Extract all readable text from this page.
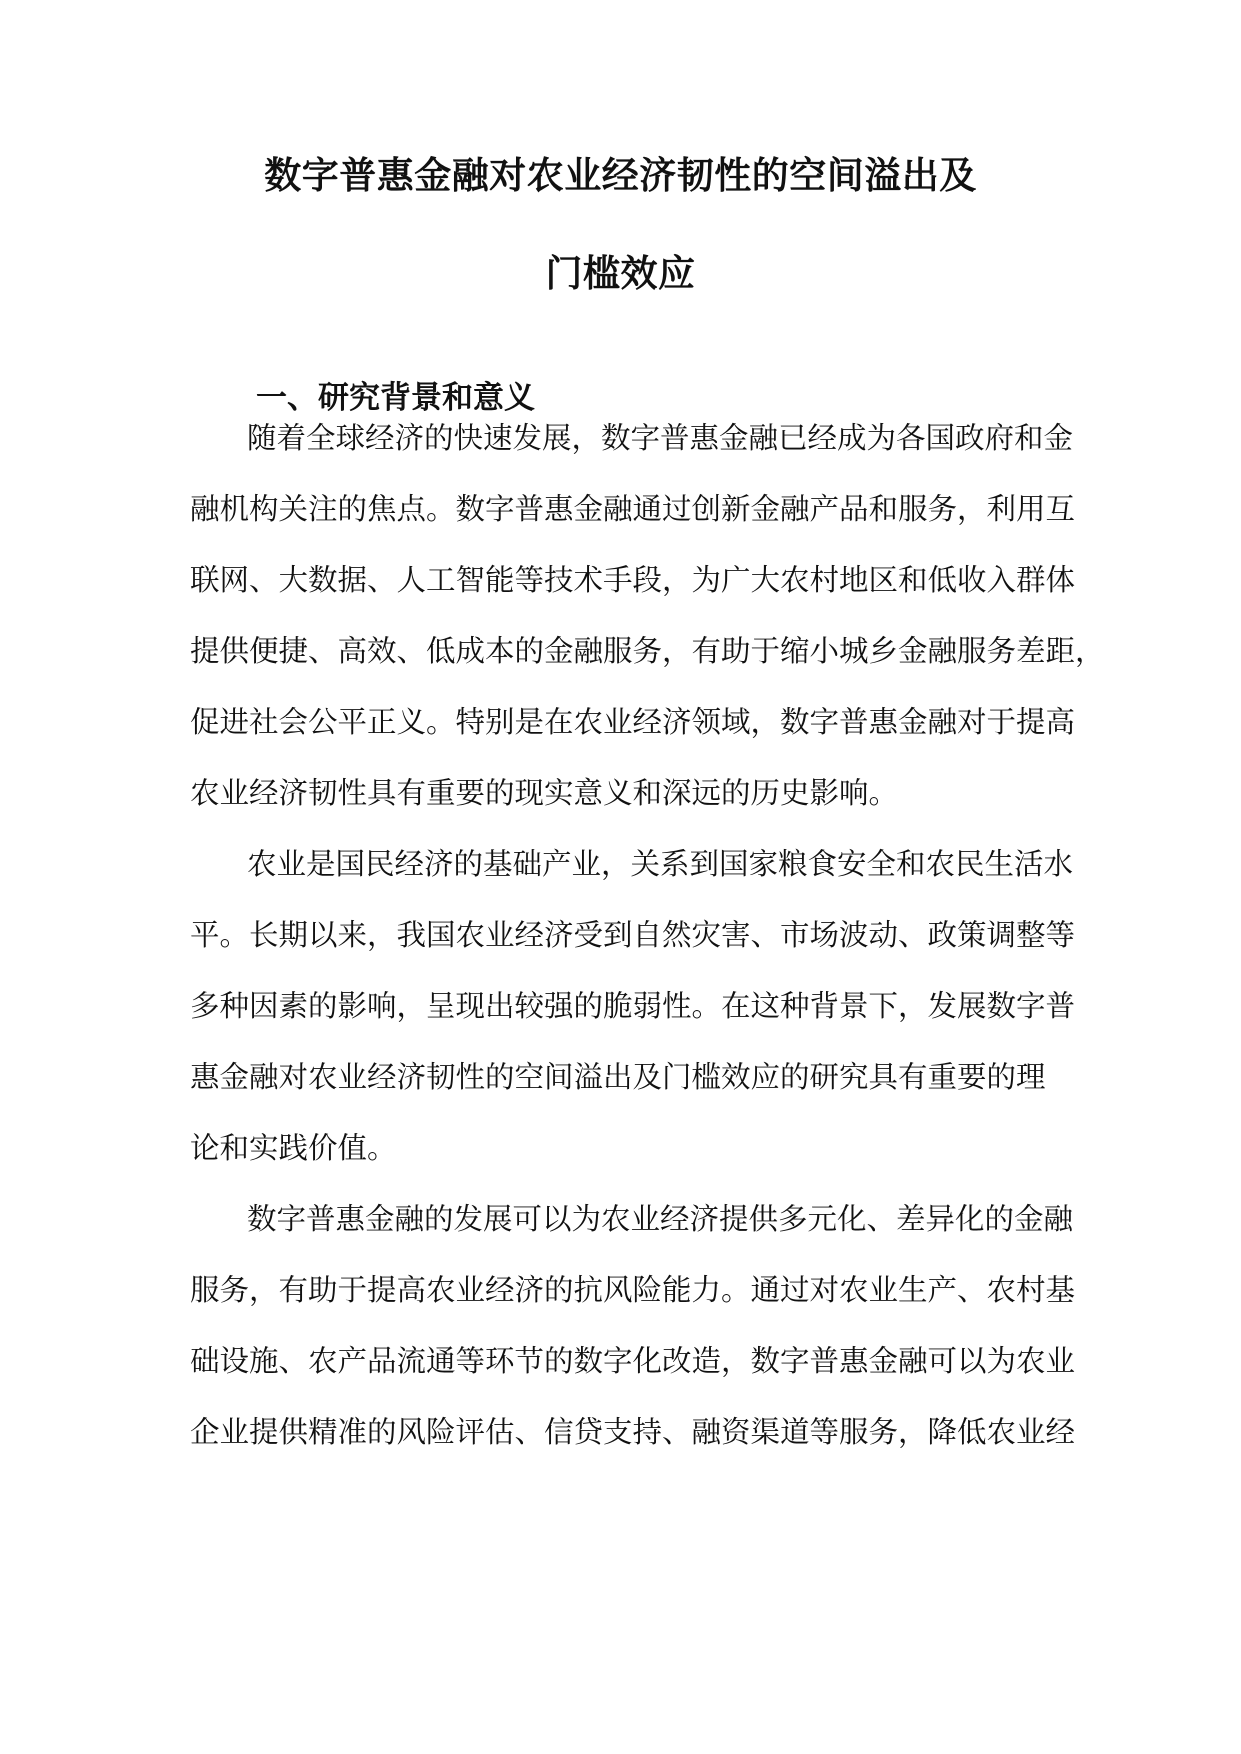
数字普惠金融对农业经济韧性的空间溢出及
门槛效应
一、研究背景和意义
随着全球经济的快速发展，数字普惠金融已经成为各国政府和金
融机构关注的焦点。数字普惠金融通过创新金融产品和服务，利用互
联网、大数据、人工智能等技术手段，为广大农村地区和低收入群体
提供便捷、高效、低成本的金融服务，有助于缩小城乡金融服务差距，
促进社会公平正义。特别是在农业经济领域，数字普惠金融对于提高
农业经济韧性具有重要的现实意义和深远的历史影响。
农业是国民经济的基础产业，关系到国家粮食安全和农民生活水
平。长期以来，我国农业经济受到自然灾害、市场波动、政策调整等
多种因素的影响，呈现出较强的脆弱性。在这种背景下，发展数字普
惠金融对农业经济韧性的空间溢出及门槛效应的研究具有重要的理
论和实践价值。
数字普惠金融的发展可以为农业经济提供多元化、差异化的金融
服务，有助于提高农业经济的抗风险能力。通过对农业生产、农村基
础设施、农产品流通等环节的数字化改造，数字普惠金融可以为农业
企业提供精准的风险评估、信贷支持、融资渠道等服务，降低农业经
